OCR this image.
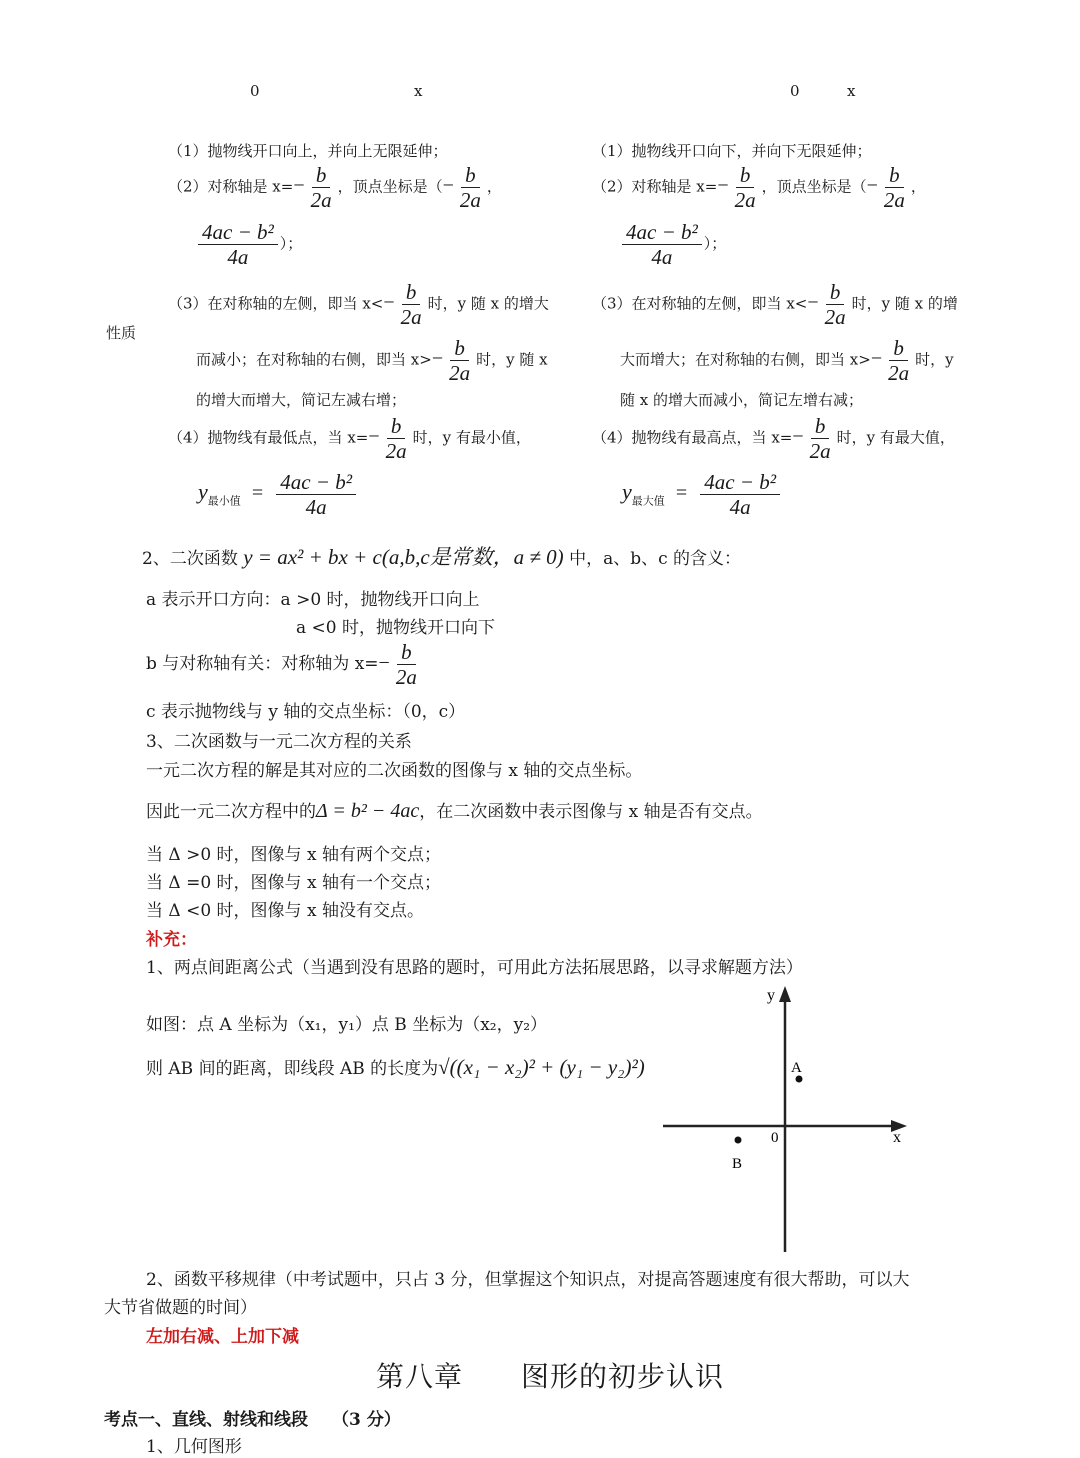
0	x	0	x
性质
（1）抛物线开口向上，并向上无限延伸；
（2）对称轴是 $x=- \frac{b}{2a}$ ，顶点坐标是（− $\frac{b}{2a}$ ，
$\frac{\text{4ac − b²}}{4a}$ ）；
（3）在对称轴的左侧，即当 $x<- \frac{b}{2a}$ 时，y 随 x 的增大
而减小；在对称轴的右侧，即当 $x>- \frac{b}{2a}$ 时，y 随 x
的增大而增大，简记左减右增；
（4）抛物线有最低点，当 $x=- \frac{b}{2a}$ 时，y 有最小值，
$y_{最小值} = \frac{\text{4ac − b²}}{4a}$
（1）抛物线开口向下，并向下无限延伸；
（2）对称轴是 $x=- \frac{b}{2a}$ ，顶点坐标是（− $\frac{b}{2a}$ ，
$\frac{\text{4ac − b²}}{4a}$ ）；
（3）在对称轴的左侧，即当 $x<- \frac{b}{2a}$ 时，y 随 x 的增
大而增大；在对称轴的右侧，即当 $x>- \frac{b}{2a}$ 时，y
随 x 的增大而减小，简记左增右减；
（4）抛物线有最高点，当 $x=- \frac{b}{2a}$ 时，y 有最大值，
$y_{最大值} = \frac{\text{4ac − b²}}{4a}$
2、二次函数 y = ax² + bx + c(a,b,c是常数，a ≠ 0) 中，a、b、c 的含义：
a 表示开口方向：a >0 时，抛物线开口向上
a <0 时，抛物线开口向下
b 与对称轴有关：对称轴为 $x=- \frac{b}{2a}$
c 表示抛物线与 y 轴的交点坐标：（0，c）
3、二次函数与一元二次方程的关系
一元二次方程的解是其对应的二次函数的图像与 x 轴的交点坐标。
因此一元二次方程中的Δ = b² − 4ac，在二次函数中表示图像与 x 轴是否有交点。
当 Δ >0 时，图像与 x 轴有两个交点；
当 Δ =0 时，图像与 x 轴有一个交点；
当 Δ <0 时，图像与 x 轴没有交点。
补充：
1、两点间距离公式（当遇到没有思路的题时，可用此方法拓展思路，以寻求解题方法）
如图：点 A 坐标为（x₁，y₁）点 B 坐标为（x₂，y₂）
则 AB 间的距离，即线段 AB 的长度为√((x₁ − x₂)² + (y₁ − y₂)²)
y
x
0
A
B
2、函数平移规律（中考试题中，只占 3 分，但掌握这个知识点，对提高答题速度有很大帮助，可以大
大节省做题的时间）
左加右减、上加下减
第八章　　图形的初步认识
考点一、直线、射线和线段 （3 分）
1、几何图形
